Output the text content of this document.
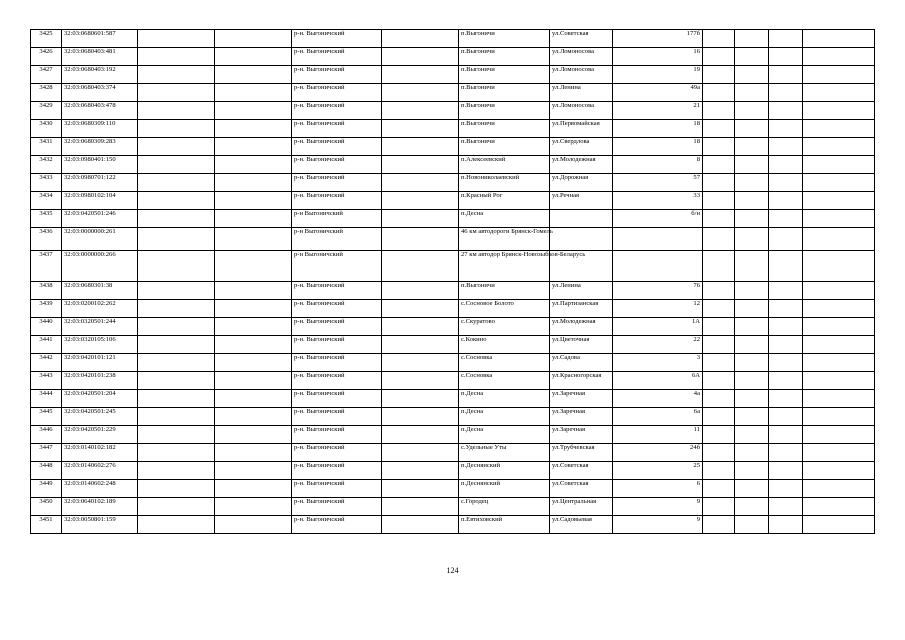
3425	32:03:0680601:587			р-н. Выгоничский		п.Выгоничи	ул.Советская	177б				
3426	32:03:0680403:481			р-н. Выгоничский		п.Выгоничи	ул.Ломоносова	16				
3427	32:03:0680403:192			р-н. Выгоничский		п.Выгоничи	ул.Ломоносова	19				
3428	32:03:0680403:374			р-н. Выгоничский		п.Выгоничи	ул.Ленина	49а				
3429	32:03:0680403:478			р-н. Выгоничский		п.Выгоничи	ул.Ломоносова	21				
3430	32:03:0680309:110			р-н. Выгоничский		п.Выгоничи	ул.Первомайская	18				
3431	32:03:0680309:283			р-н. Выгоничский		п.Выгоничи	ул.Свердлова	18				
3432	32:03:0980401:150			р-н. Выгоничский		п.Алексеевский	ул.Молодежная	8				
3433	32:03:0980701:122			р-н. Выгоничский		п.Новониколаевский	ул.Дорожная	57				
3434	32:03:0980102:104			р-н. Выгоничский		п.Красный Рог	ул.Речная	33				
3435	32:03:0420501:246			р-н Выгоничский		п.Десна		б/н				
3436	32:03:0000000:261			р-н Выгоничский		46 км автодороги Брянск-Гомель						
3437	32:03:0000000:266			р-н Выгоничский		27 км автодор Брянск-Новозыбков-Беларусь						
3438	32:03:0680301:38			р-н. Выгоничский		п.Выгоничи	ул.Ленина	76				
3439	32:03:0200102:262			р-н. Выгоничский		с.Сосновое Болото	ул.Партизанская	12				
3440	32:03:0320501:244			р-н. Выгоничский		с.Скуратово	ул.Молодежная	1А				
3441	32:03:0320105:106			р-н. Выгоничский		с.Кокино	ул.Цветочная	22				
3442	32:03:0420101:121			р-н. Выгоничский		с.Сосновка	ул.Садова	3				
3443	32:03:0420101:238			р-н. Выгоничский		с.Сосновка	ул.Красногорская	6А				
3444	32:03:0420501:204			р-н. Выгоничский		п.Десна	ул.Заречная	4а				
3445	32:03:0420501:245			р-н. Выгоничский		п.Десна	ул.Заречная	6а				
3446	32:03:0420501:229			р-н. Выгоничский		п.Десна	ул.Заречная	11				
3447	32:03:0140102:182			р-н. Выгоничский		с.Удельные Уты	ул.Трубчевская	24б				
3448	32:03:0140602:276			р-н. Выгоничский		п.Деснянский	ул.Советская	25				
3449	32:03:0140602:248			р-н. Выгоничский		п.Деснянский	ул.Советская	6				
3450	32:03:0640102:189			р-н. Выгоничский		с.Городец	ул.Центральная	9				
3451	32:03:0050801:159			р-н. Выгоничский		п.Евтиховский	ул.Садовьевая	9				
124
